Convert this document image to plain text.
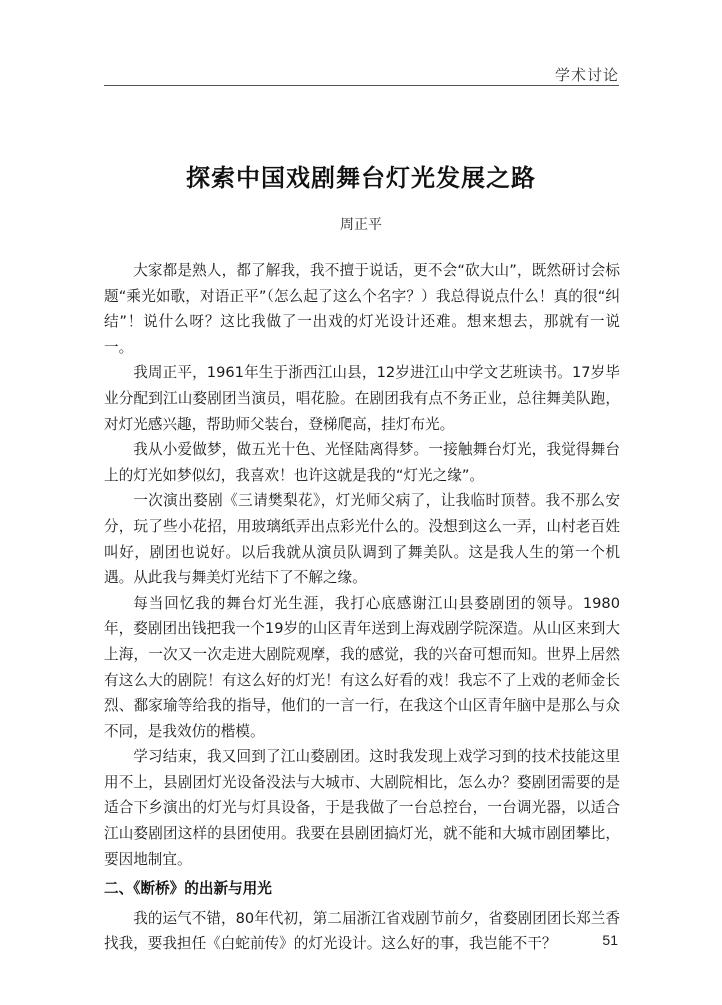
学术讨论
探索中国戏剧舞台灯光发展之路
周正平

大家都是熟人，都了解我，我不擅于说话，更不会“砍大山”，既然研讨会标题“乘光如歌，对语正平”（怎么起了这么个名字？）我总得说点什么！真的很“纠结”！说什么呀？这比我做了一出戏的灯光设计还难。想来想去，那就有一说一。

我周正平，1961年生于浙西江山县，12岁进江山中学文艺班读书。17岁毕业分配到江山婺剧团当演员，唱花脸。在剧团我有点不务正业，总往舞美队跑，对灯光感兴趣，帮助师父装台，登梯爬高，挂灯布光。

我从小爱做梦，做五光十色、光怪陆离得梦。一接触舞台灯光，我觉得舞台上的灯光如梦似幻，我喜欢！也许这就是我的“灯光之缘”。

一次演出婺剧《三请樊梨花》，灯光师父病了，让我临时顶替。我不那么安分，玩了些小花招，用玻璃纸弄出点彩光什么的。没想到这么一弄，山村老百姓叫好，剧团也说好。以后我就从演员队调到了舞美队。这是我人生的第一个机遇。从此我与舞美灯光结下了不解之缘。

每当回忆我的舞台灯光生涯，我打心底感谢江山县婺剧团的领导。1980年，婺剧团出钱把我一个19岁的山区青年送到上海戏剧学院深造。从山区来到大上海，一次又一次走进大剧院观摩，我的感觉，我的兴奋可想而知。世界上居然有这么大的剧院！有这么好的灯光！有这么好看的戏！我忘不了上戏的老师金长烈、鄱家瑜等给我的指导，他们的一言一行，在我这个山区青年脑中是那么与众不同，是我效仿的楷模。

学习结束，我又回到了江山婺剧团。这时我发现上戏学习到的技术技能这里用不上，县剧团灯光设备没法与大城市、大剧院相比，怎么办？婺剧团需要的是适合下乡演出的灯光与灯具设备，于是我做了一台总控台，一台调光器，以适合江山婺剧团这样的县团使用。我要在县剧团搞灯光，就不能和大城市剧团攀比，要因地制宜。

二、《断桥》的出新与用光

我的运气不错，80年代初，第二届浙江省戏剧节前夕，省婺剧团团长郑兰香找我，要我担任《白蛇前传》的灯光设计。这么好的事，我岂能不干？	51
